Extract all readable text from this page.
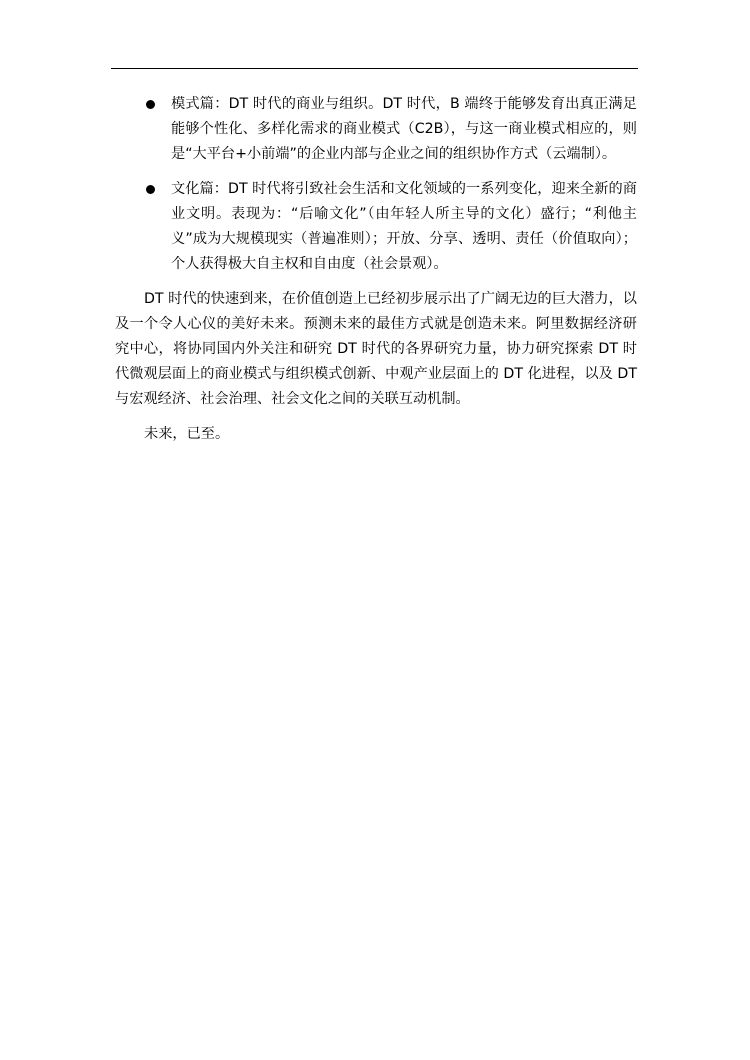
模式篇：DT 时代的商业与组织。DT 时代，B 端终于能够发育出真正满足能够个性化、多样化需求的商业模式（C2B），与这一商业模式相应的，则是“大平台+小前端”的企业内部与企业之间的组织协作方式（云端制）。
文化篇：DT 时代将引致社会生活和文化领域的一系列变化，迎来全新的商业文明。表现为：“后喻文化”（由年轻人所主导的文化）盛行；“利他主义”成为大规模现实（普遍准则）；开放、分享、透明、责任（价值取向）；个人获得极大自主权和自由度（社会景观）。

DT 时代的快速到来，在价值创造上已经初步展示出了广阔无边的巨大潜力，以及一个令人心仪的美好未来。预测未来的最佳方式就是创造未来。阿里数据经济研究中心，将协同国内外关注和研究 DT 时代的各界研究力量，协力研究探索 DT 时代微观层面上的商业模式与组织模式创新、中观产业层面上的 DT 化进程，以及 DT 与宏观经济、社会治理、社会文化之间的关联互动机制。

未来，已至。
